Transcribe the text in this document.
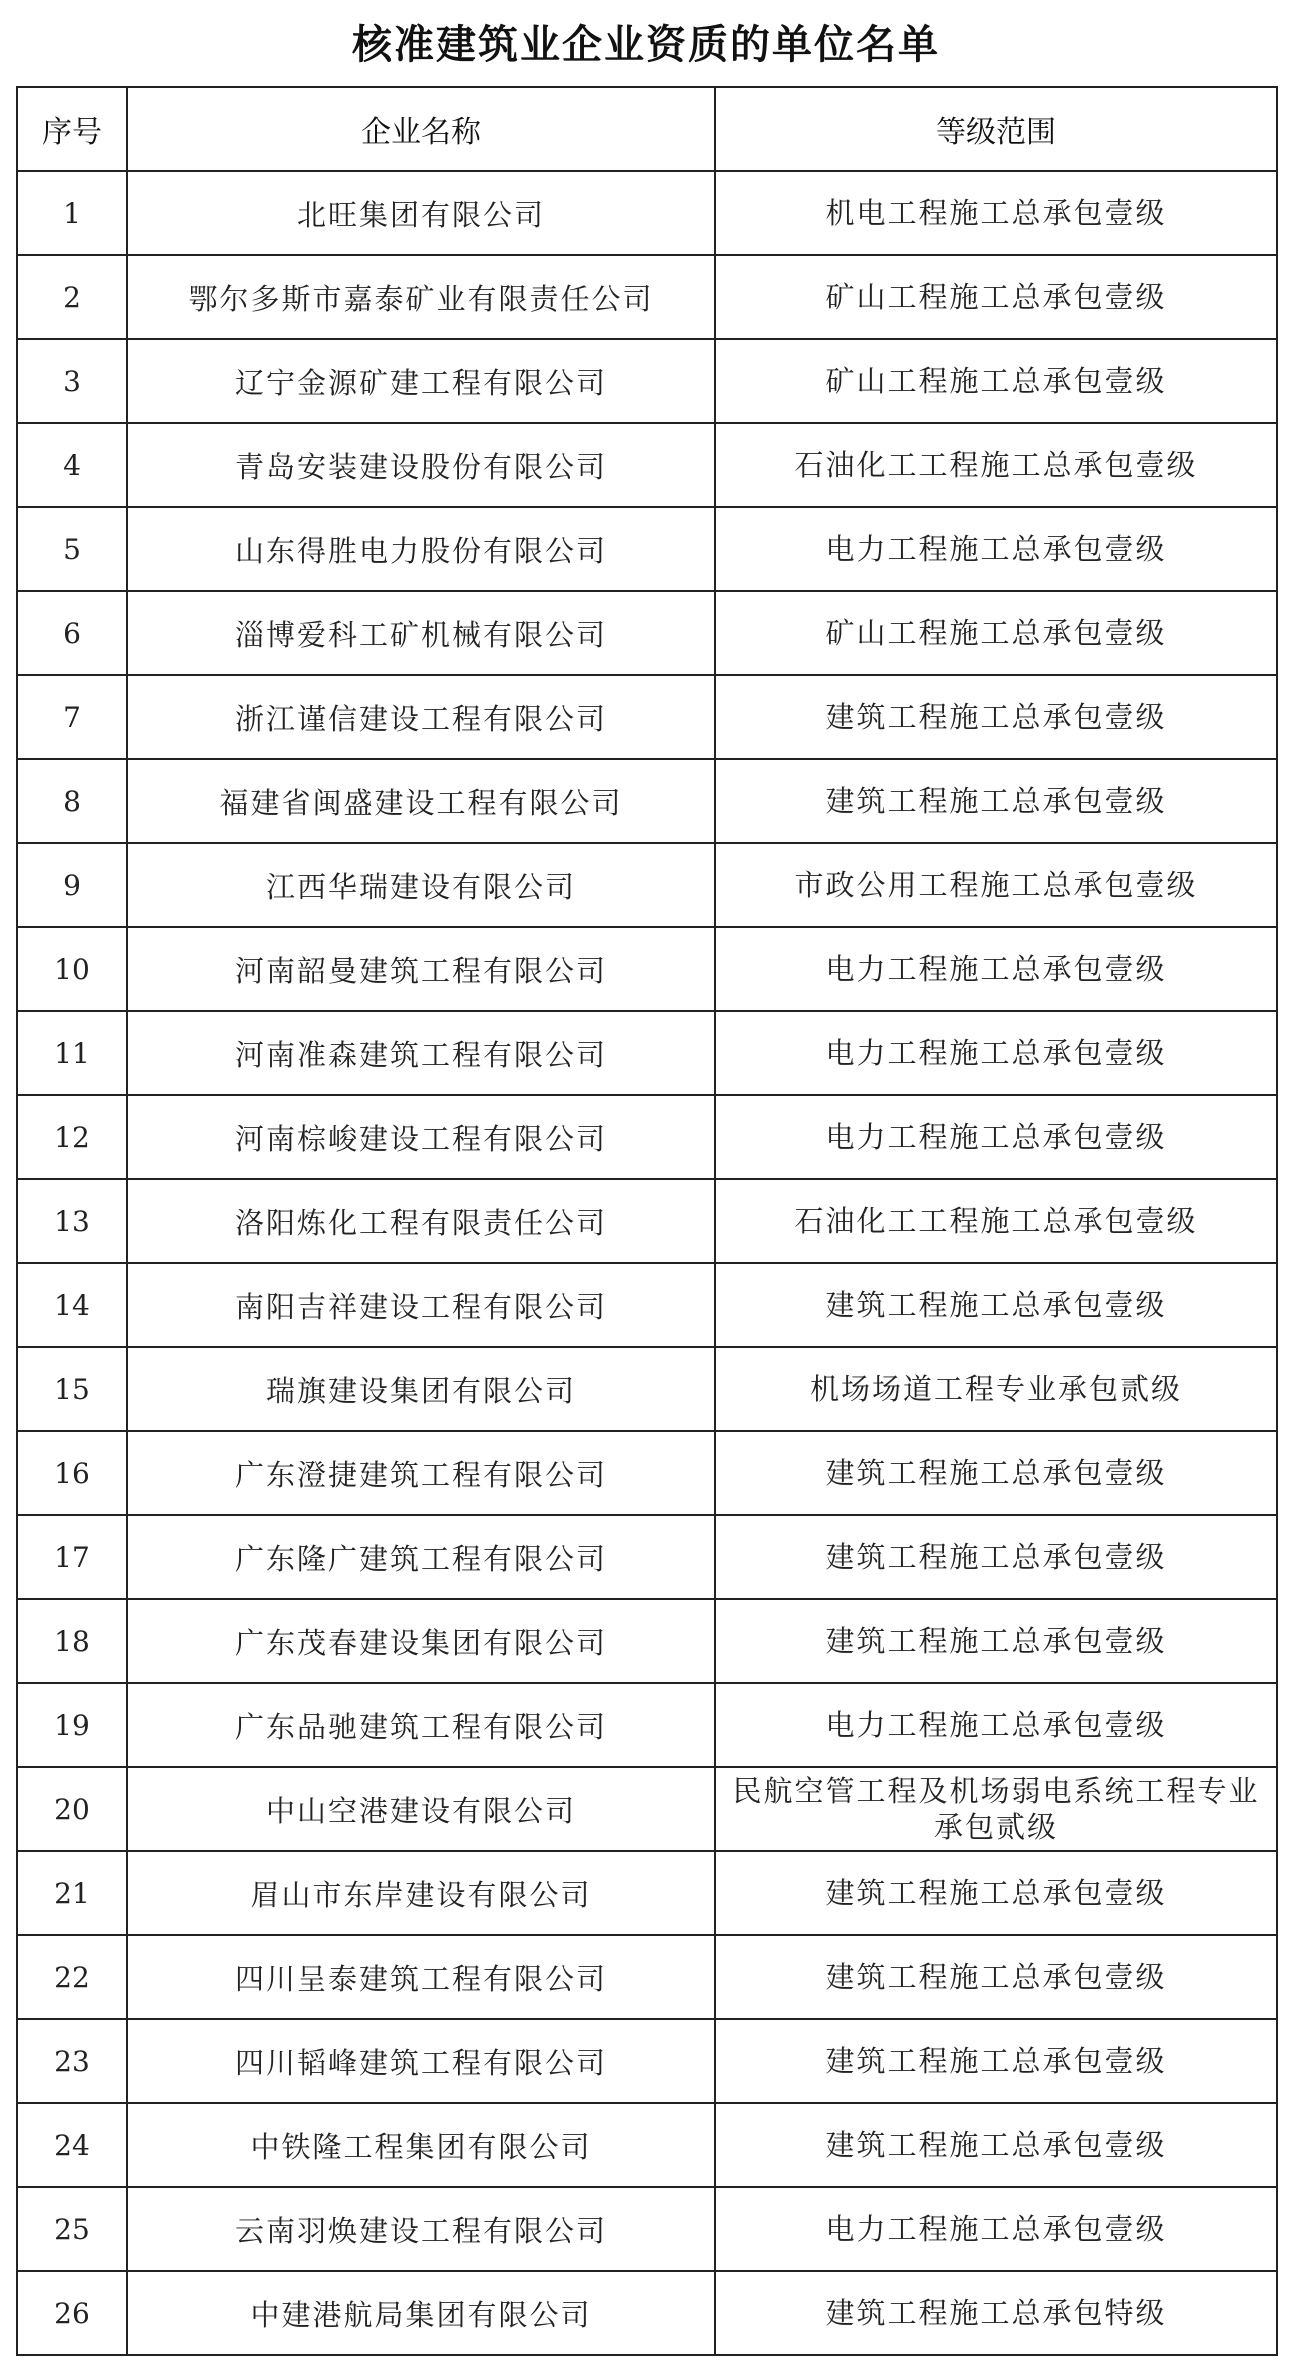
核准建筑业企业资质的单位名单
序号	企业名称	等级范围
1	北旺集团有限公司	机电工程施工总承包壹级
2	鄂尔多斯市嘉泰矿业有限责任公司	矿山工程施工总承包壹级
3	辽宁金源矿建工程有限公司	矿山工程施工总承包壹级
4	青岛安装建设股份有限公司	石油化工工程施工总承包壹级
5	山东得胜电力股份有限公司	电力工程施工总承包壹级
6	淄博爱科工矿机械有限公司	矿山工程施工总承包壹级
7	浙江谨信建设工程有限公司	建筑工程施工总承包壹级
8	福建省闽盛建设工程有限公司	建筑工程施工总承包壹级
9	江西华瑞建设有限公司	市政公用工程施工总承包壹级
10	河南韶曼建筑工程有限公司	电力工程施工总承包壹级
11	河南准森建筑工程有限公司	电力工程施工总承包壹级
12	河南棕峻建设工程有限公司	电力工程施工总承包壹级
13	洛阳炼化工程有限责任公司	石油化工工程施工总承包壹级
14	南阳吉祥建设工程有限公司	建筑工程施工总承包壹级
15	瑞旗建设集团有限公司	机场场道工程专业承包贰级
16	广东澄捷建筑工程有限公司	建筑工程施工总承包壹级
17	广东隆广建筑工程有限公司	建筑工程施工总承包壹级
18	广东茂春建设集团有限公司	建筑工程施工总承包壹级
19	广东品驰建筑工程有限公司	电力工程施工总承包壹级
20	中山空港建设有限公司	民航空管工程及机场弱电系统工程专业承包贰级
21	眉山市东岸建设有限公司	建筑工程施工总承包壹级
22	四川呈泰建筑工程有限公司	建筑工程施工总承包壹级
23	四川韬峰建筑工程有限公司	建筑工程施工总承包壹级
24	中铁隆工程集团有限公司	建筑工程施工总承包壹级
25	云南羽焕建设工程有限公司	电力工程施工总承包壹级
26	中建港航局集团有限公司	建筑工程施工总承包特级
